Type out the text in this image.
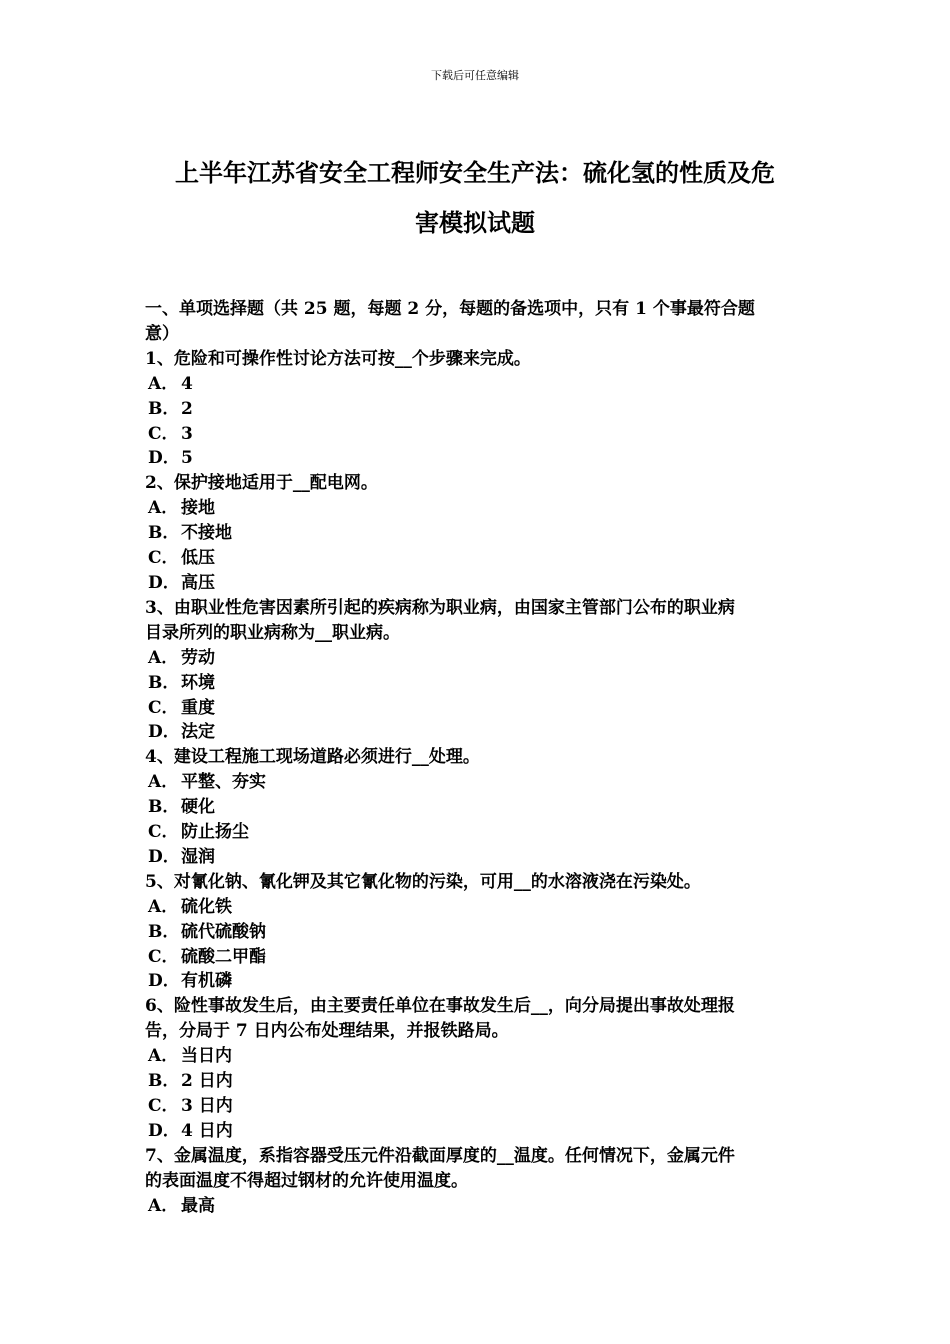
下载后可任意编辑
上半年江苏省安全工程师安全生产法：硫化氢的性质及危
害模拟试题
一、单项选择题（共 25 题，每题 2 分，每题的备选项中，只有 1 个事最符合题
意）
1、危险和可操作性讨论方法可按__个步骤来完成。
A． 4
B．2
C． 3
D．5
2、保护接地适用于__配电网。
A． 接地
B．不接地
C． 低压
D．高压
3、由职业性危害因素所引起的疾病称为职业病，由国家主管部门公布的职业病
目录所列的职业病称为__职业病。
A． 劳动
B．环境
C． 重度
D．法定
4、建设工程施工现场道路必须进行__处理。
A． 平整、夯实
B．硬化
C． 防止扬尘
D．湿润
5、对氰化钠、氰化钾及其它氰化物的污染，可用__的水溶液浇在污染处。
A． 硫化铁
B．硫代硫酸钠
C． 硫酸二甲酯
D．有机磷
6、险性事故发生后，由主要责任单位在事故发生后__，向分局提出事故处理报
告，分局于 7 日内公布处理结果，并报铁路局。
A． 当日内
B．2 日内
C． 3 日内
D．4 日内
7、金属温度，系指容器受压元件沿截面厚度的__温度。任何情况下，金属元件
的表面温度不得超过钢材的允许使用温度。
A． 最高
